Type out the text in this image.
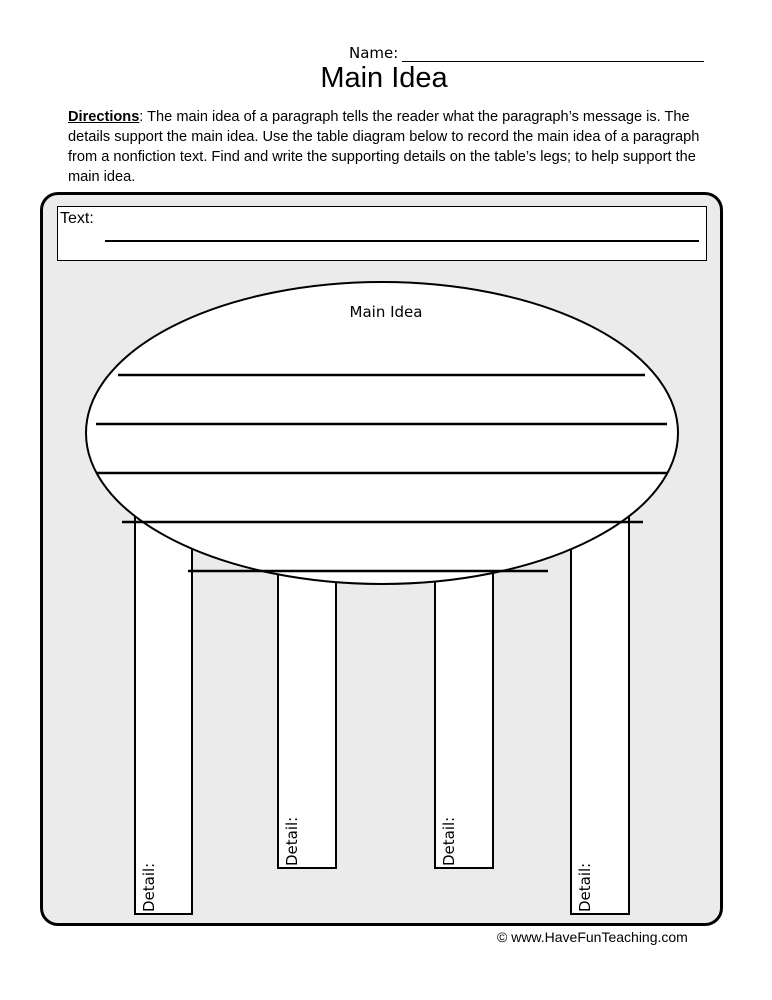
Name:
Main Idea
Directions: The main idea of a paragraph tells the reader what the paragraph’s message is. The details support the main idea. Use the table diagram below to record the main idea of a paragraph from a nonfiction text. Find and write the supporting details on the table’s legs; to help support the main idea.
Text:
Main Idea
Detail:
Detail:	Detail:
Detail:
© www.HaveFunTeaching.com
